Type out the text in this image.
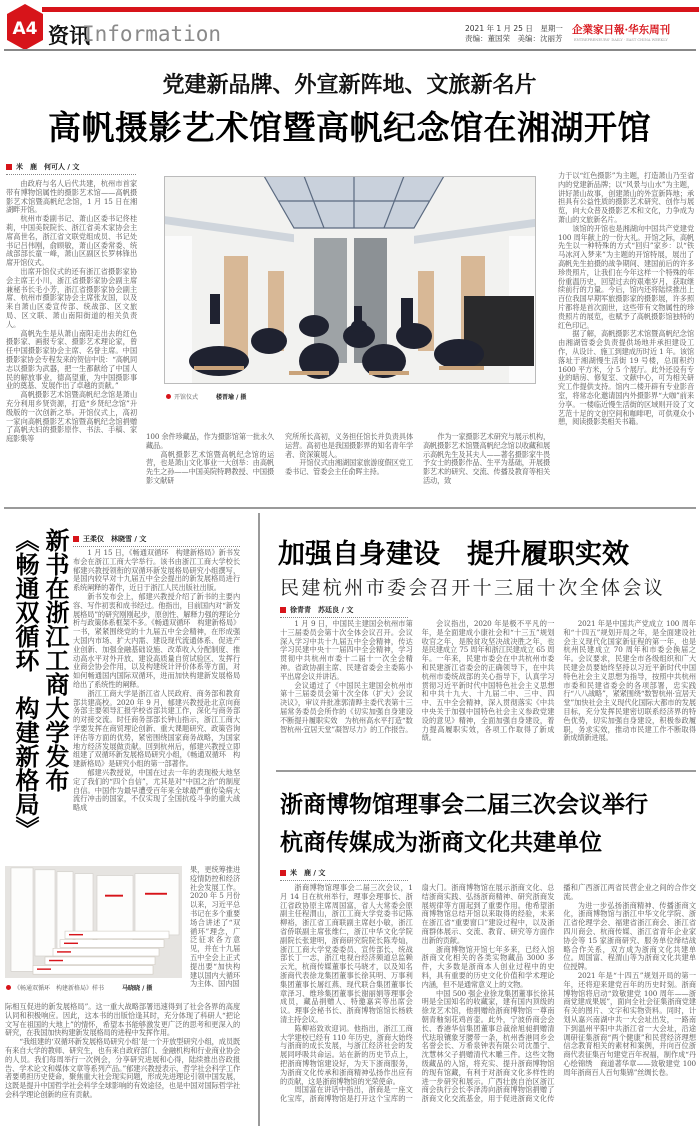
A4 资讯
Information	2021 年 1 月 25 日　星期一
责编：董国荣　美编：沈丽芳
企業家日報·华东周刊
ENTREPRENEURS' DAILY · EAST CHINA WEEKLY
党建新品牌、外宣新阵地、文旅新名片
高帆摄影艺术馆暨高帆纪念馆在湘湖开馆
米　鹿　何可人 / 文

由政府与名人后代共建，杭州市首家带有博物馆属性的摄影艺术馆——高帆摄影艺术馆暨高帆纪念馆，1 月 15 日在湘湖畔开馆。

杭州市委副书记、萧山区委书记佟桂莉，中国美院院长、浙江省美术家协会主席高世名，浙江省文联党组成员、书记处书记吕伟刚，俞顾敏，萧山区委常委、统战部部长童一峰，萧山区副区长罗林锋出席开馆仪式。

出席开馆仪式的还有浙江省摄影家协会主席王小川，浙江省摄影家协会副主席兼秘书长毛小芳，浙江省摄影家协会副主席、杭州市摄影家协会主席张友国，以及来自萧山区委宣传部、统战部、区文旅局、区文联、萧山南阳街道的相关负责人。

高帆先生是从萧山南阳走出去的红色摄影家、画报专家、摄影艺术理论家，曾任中国摄影家协会主席、名誉主席。中国摄影家协会专程发来的贺信中说：“高帆同志以摄影为武器，把一生都献给了中国人民的解放事业，德高望重，为中国摄影事业的奠基、发展作出了卓越的贡献。”

高帆摄影艺术馆暨高帆纪念馆是萧山充分利用乡贤资源，打造“乡贤纪念馆”升级版的一次创新之举。开馆仪式上，高初一家向高帆摄影艺术馆暨高帆纪念馆捐赠了高帆夫妇的摄影原作、书法、手稿、家庭影集等

开馆仪式	楼晋瑜 / 摄

100 余件珍藏品，作为摄影馆第一批永久藏品。

高帆摄影艺术馆暨高帆纪念馆的运营，也是萧山文化事业一大创举：由高帆先生之孙——中国美院特聘教授、中国摄影文献研

究所所长高初，义务担任馆长并负责具体运营。高初也是我国摄影界的知名青年学者、资深策展人。

开馆仪式由湘湖国家旅游度假区党工委书记、管委会主任俞晖主持。

作为一家摄影艺术研究与展示机构，高帆摄影艺术馆暨高帆纪念馆以收藏和展示高帆先生及其夫人——著名摄影家牛畏予女士的摄影作品、生平为基础，开展摄影艺术的研究、交流、传播及教育等相关活动，致

力于以“红色摄影”为主题，打造萧山乃至省内的党建新品牌；以“风景与山水”为主题，讲好萧山故事，创建萧山的外宣新阵地；承担具有公益性质的摄影艺术研究、创作与展览，向大众普及摄影艺术和文化，力争成为萧山的文旅新名片。

该馆的开馆也是湘湖向中国共产党建党 100 周年献上的一份大礼。开馆之际，高帆先生以一种特殊的方式“回归”家乡：以“铁马冰河入梦来”为主题的开馆特展，展出了高帆先生拍摄的战争期间、建国前后的许多珍贵照片，让我们在今年这样一个特殊的年份重温历史，回望过去的艰难岁月，获取继续前行的力量。今后，馆内还将陆续推出上百位我国早期军旅摄影家的摄影展，许多照片都将是首次面世，这些带有文物属性的珍贵照片的展览，也赋予了高帆摄影馆独特的红色印记。

据了解，高帆摄影艺术馆暨高帆纪念馆由湘湖管委会负责提供场地并承担建设工作，从设计、施工到建成历时近 1 年。该馆落址于湘湖慢生活街 19 号楼，总面积约 1600 平方米，分 5 个展厅。此外还设有专业的暗房、修复室、文献中心，可为相关研究工作提供支持。馆内二楼开辟有专业影音室，将常态化邀请国内外摄影界“大咖”前来分享。一楼临近慢生活街的区域则开设了文艺范十足的文创空间和咖啡吧，可供观众小憩，阅读摄影类相关书籍。

新书在浙江工商大学发布
《畅通双循环　构建新格局》	王柔仪　林晓雪 / 文

1 月 15 日，《畅通双循环　构建新格局》新书发布会在浙江工商大学举行。该书由浙江工商大学校长郁建兴教授领衔的双循环新发展格局研究小组撰写，是国内较早对十九届五中全会提出的新发展格局进行系统阐释的著作，近日于浙江人民出版社出版。

新书发布会上，郁建兴教授介绍了新书的主要内容、写作初衷和成书经过。他指出，目前国内对“新发展格局”的研究刚刚起步，原创性、解释力强的理论分析与政策体系框架不多。《畅通双循环　构建新格局》一书，紧紧围绕党的十九届五中全会精神，在形成强大国内市场、扩大内需、建设现代流通体系、促进产业创新、加强金融基础设施、改革收入分配制度、推动高水平对外开放、建设高质量自贸试验区、发挥行业商会协会作用，以及构建统计评价体系等方面，对如何畅通国内国际双循环，进而加快构建新发展格局给出了系统性的阐释。

浙江工商大学是浙江省人民政府、商务部和教育部共建高校。2020 年 9 月，郁建兴教授赴北京向商务部主要领导汇报学校省部共建工作，深化与商务部的对接交流。时任商务部部长钟山指示，浙江工商大学要发挥在商贸理论创新、重大课题研究、政策咨询评估等方面的优势，紧密围绕国家商务战略，为国家地方经济发展做贡献。回到杭州后，郁建兴教授立即组建了双循环新发展格局研究小组，《畅通双循环　构建新格局》是研究小组的第一部著作。

郁建兴教授说，中国在过去一年的表现极大地坚定了我们的“四个自信”，尤其是对“中国之治”的制度自信。中国作为最早遭受百年来全球最严重传染病大流行冲击的国家，不仅实现了全国抗疫斗争的重大战略成

《畅通双循环　构建新格局》样书	马晓晓 / 摄

果，更统筹推进疫情防控和经济社会发展工作。2020 年 5 月份以来，习近平总书记在多个重要场合讲述了“双循环”理念，广泛征求各方意见，并在十九届五中全会上正式提出要“加快构建以国内大循环为主体、国内国

际相互促进的新发展格局”。这一重大战略部署迅速得到了社会各界的高度认同和积极响应。因此，这本书的出版恰逢其时，充分体现了科研人“把论文写在祖国的大地上”的情怀，希望本书能够激发更广泛的思考和更深入的研究，在我国加快构建新发展格局的进程中发挥作用。

“我组建的‘双循环新发展格局研究小组’是一个开放型研究小组，成员既有来自大学的教师、研究生，也有来自政府部门、金融机构和行业商业协会的人员。我们每周举行一次例会，分享研究进展和心得，陆续推出咨政报告、学术论文和媒体文章等系列产品。”郁建兴教授表示，哲学社会科学工作者要勇担历史使命，聚焦重大社会现实问题，形成先进理论引领中国发展，这既是提升中国哲学社会科学全球影响的有效途径，也是中国对国际哲学社会科学理论创新的应有贡献。

加强自身建设　提升履职实效
民建杭州市委会召开十三届十次全体会议
徐青青　苏廷良 / 文

1 月 9 日，中国民主建国会杭州市第十三届委员会第十次全体会议召开。会议深入学习中共十九届五中全会精神，传达学习民建中央十一届四中全会精神，学习贯彻中共杭州市委十二届十一次全会精神。省政协副主席、民建省委会主委陈小平出席会议并讲话。

会议通过了《中国民主建国会杭州市第十三届委员会第十次全体（扩大）会议决议》，审议并批准郭清晔主委代表第十三届常务委员会所作的《切实加强自身建设　不断提升履职实效　为杭州高水平打造“数智杭州·宜居天堂”凝智尽力》的工作报告。

会议指出，2020 年是极不平凡的一年，是全面建成小康社会和“十三五”规划收官之年，是脱贫攻坚决战决胜之年，也是民建成立 75 周年和浙江民建成立 65 周年。一年来，民建市委会在中共杭州市委和民建浙江省委会的正确领导下，在中共杭州市委统战部的关心指导下，认真学习贯彻习近平新时代中国特色社会主义思想和中共十九大、十九届二中、三中、四中、五中全会精神，深入贯彻落实《中共中央关于加强中国特色社会主义参政党建设的意见》精神，全面加强自身建设，着力提高履职实效，各项工作取得了新成绩。

2021 年是中国共产党成立 100 周年和“十四五”规划开局之年，是全面建设社会主义现代化国家新征程的第一年，也是杭州民建成立 70 周年和市委会换届之年。会议要求，民建全市各级组织和广大民建会员要始终坚持以习近平新时代中国特色社会主义思想为指导，按照中共杭州市委和民建省委会的各项部署，忠实践行“八八战略”，紧紧围绕“数智杭州·宜居天堂”加快社会主义现代化国际大都市的发展目标，充分发挥民建密切联系经济界的特色优势，切实加强自身建设，积极参政履职，务求实效，推动市民建工作不断取得新成绩新进展。

浙商博物馆理事会二届三次会议举行
杭商传媒成为浙商文化共建单位
米　鹿 / 文

浙商博物馆理事会二届三次会议，1 月 14 日在杭州举行，理事会理事长、浙江省政协原主席周国富，省人大常委会原副主任程渭山，浙江工商大学党委书记陈柳裕，浙江省工商联副主席赵小敏，浙江省侨联副主席张维仁，浙江中华文化学院副院长张建明，浙商研究院院长陈寿灿，浙江工商大学党委委员、宣传部长、统战部长丁一志，浙江电视台经济频道总监赖云光，杭商传媒董事长马晓才，以及知名浙商代表徐龙集团董事长徐其明、万事利集团董事长屠红燕、现代联合集团董事长章泽习、维珍集团董事长谢丽娟等理事会成员，藏品捐赠人、特邀嘉宾等出席会议。理事会秘书长、浙商博物馆馆长杨轶清主持会议。

陈柳裕致欢迎词。他指出，浙江工商大学建校已经有 110 年历史，浙商大始终与浙商的成长发展，与浙江经济社会的发展同呼吸共命运。站在新的历史节点上，把浙商博物馆建设好，为天下浙商服务，为浙商文化传承和浙商精神弘扬作出应有的贡献，这是浙商博物馆的光荣使命。

周国富在讲话中指出，浙商是一座文化宝库，浙商博物馆是打开这个宝库的一扇大门。浙商博物馆在展示浙商文化、总结浙商实践、弘扬浙商精神、研究浙商发展规律等方面起到了重要作用。他希望浙商博物馆总结开馆以来取得的经验，未来在浙江省“重要窗口”建设过程中，以及浙商群体展示、交流、教育、研究等方面作出新的贡献。

浙商博物馆开馆七年多来，已经入馆浙商文化相关的各类实物藏品 3000 多件，大多数是浙商本人创业过程中的史料，具有重要的历史文化价值和学术理论内涵，但不是通常意义上的文物。

中国 500 强企业徐龙集团董事长徐其明是全国知名的收藏家，建有国内顶级的徐龙艺术馆，他捐赠给浙商博物馆一尊南朝青釉刻花鸡首壶。此外，宁波侨商会会长、香港华信集团董事总裁徐旭昶捐赠清代珐琅镶象牙腰带一条，杭州香港同乡会名誉会长、万希泉钟表有限公司沈墨宁、沈慧林父子捐赠清代木雕三件。这些文物级藏品的入馆，将充实、提升浙商博物馆的现有馆藏，有利于对浙商文化多样性的进一步研究和展示。广西壮族自治区浙江商会执行会长李泽涛向浙商博物馆捐赠了浙商文化交流基金，用于促进浙商文化传播和广西浙江两省民营企业之间的合作交流。

为进一步弘扬浙商精神、传播浙商文化，浙商博物馆与浙江中华文化学院、浙江省伦理学会、福建省浙江商会、浙江省四川商会、杭商传媒、浙江省青年企业家协会等 15 家浙商研究、服务单位缔结战略合作关系，双方成为浙商文化共建单位。周国富、程渭山等为浙商文化共建单位授牌。

2021 年是“十四五”规划开局的第一年，还将迎来建党百年的历史时刻。浙商博物馆将启动“致敬建党 100 周年——浙商党建成果展”，面向全社会征集浙商党建有关的图片、文字和实物资料。同时，计划从嘉兴南湖中共一大会址出发，一路南下到温州平阳中共浙江省一大会址，沿途调研征集浙商“两个健康”和民营经济理想信念教育相关的素材和案例，并向百位浙商代表征集百句建党百年祝福，制作成“丹心绘锦绣　商道著华章——致敬建党 100 周年浙商百人百句集锦”丝绸长卷。
